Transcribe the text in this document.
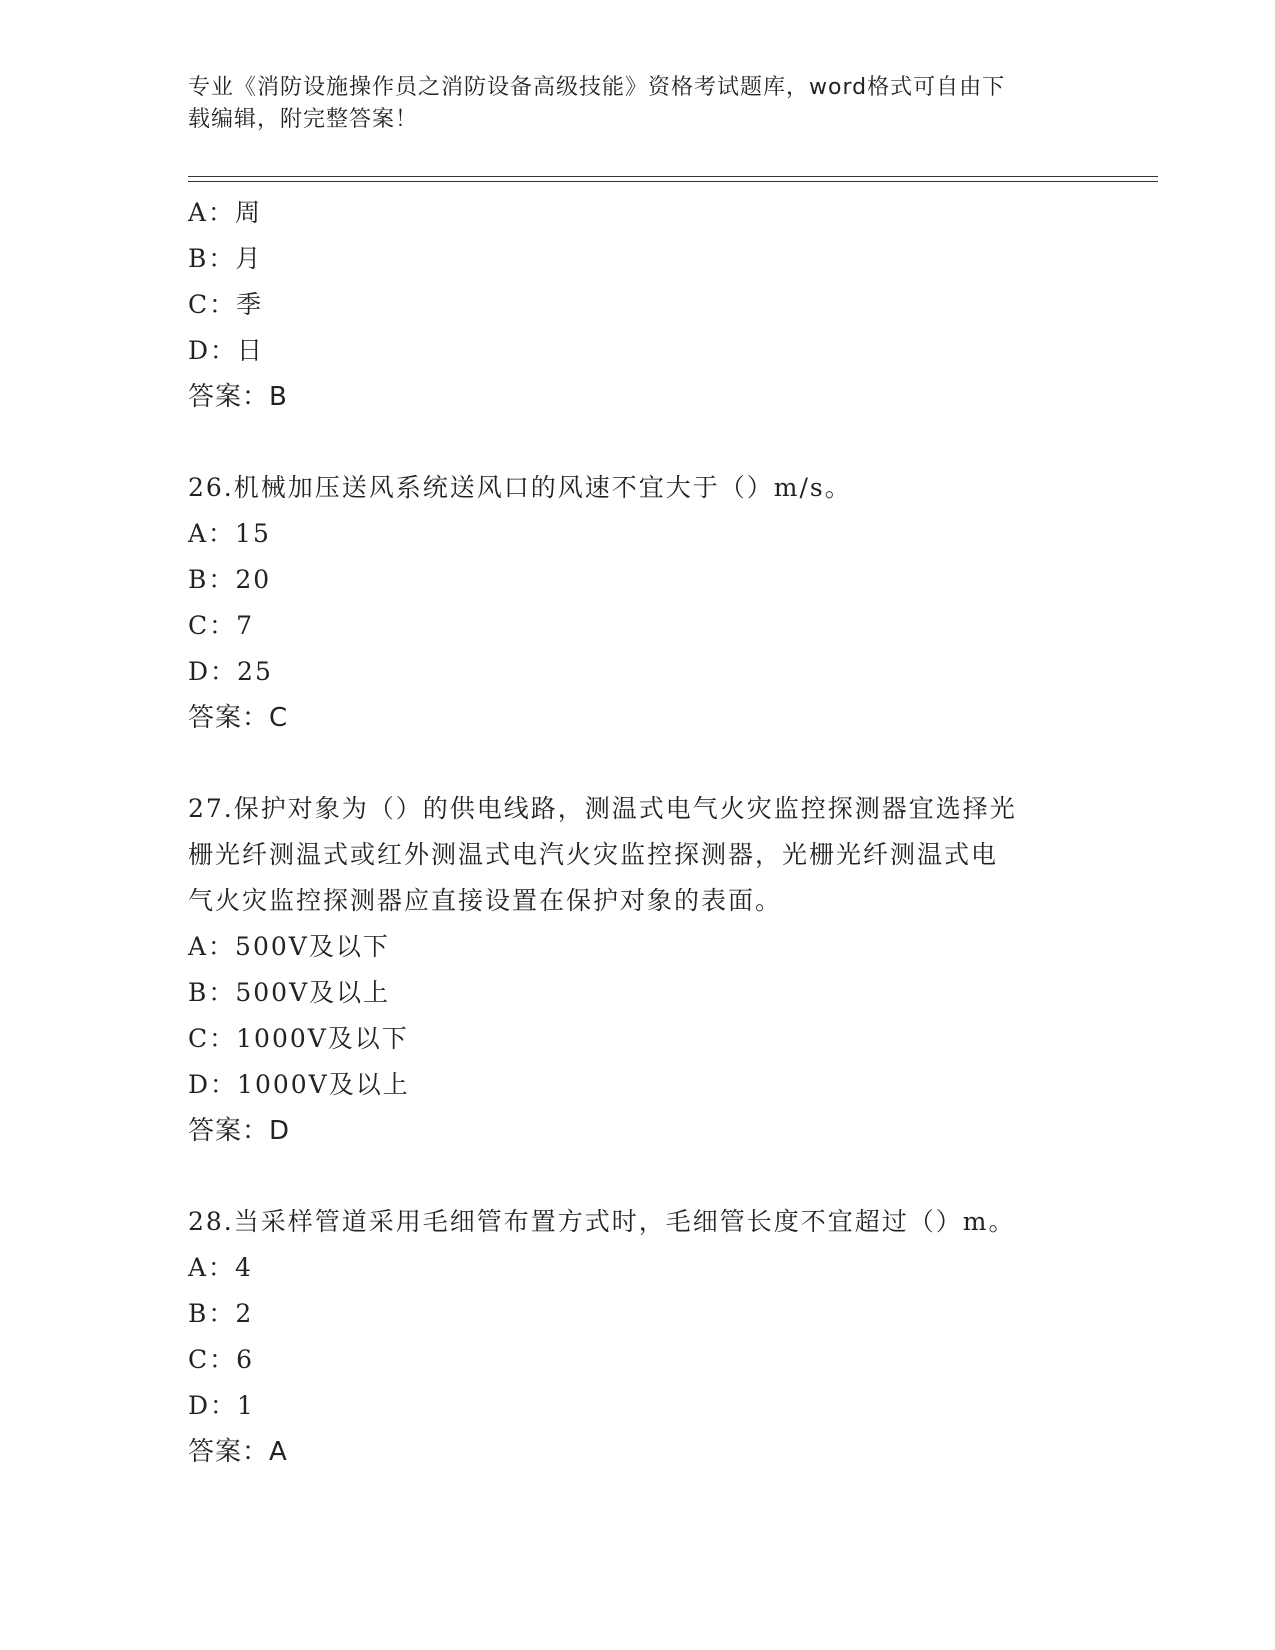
专业《消防设施操作员之消防设备高级技能》资格考试题库，word格式可自由下
载编辑，附完整答案！
A：周
B：月
C：季
D：日
答案：B
26.机械加压送风系统送风口的风速不宜大于（）m/s。
A：15
B：20
C：7
D：25
答案：C
27.保护对象为（）的供电线路，测温式电气火灾监控探测器宜选择光
栅光纤测温式或红外测温式电汽火灾监控探测器，光栅光纤测温式电
气火灾监控探测器应直接设置在保护对象的表面。
A：500V及以下
B：500V及以上
C：1000V及以下
D：1000V及以上
答案：D
28.当采样管道采用毛细管布置方式时，毛细管长度不宜超过（）m。
A：4
B：2
C：6
D：1
答案：A
